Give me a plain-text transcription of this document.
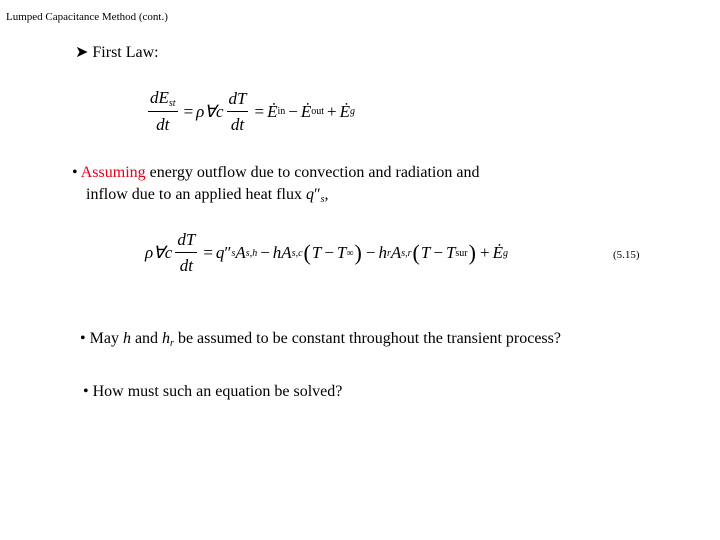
Lumped Capacitance Method (cont.)
➤ First Law:
$\frac{dE_{st}}{dt}$ = ρ∀c $\frac{dT}{dt}$ = Ė in − Ė out + Ė g
• Assuming energy outflow due to convection and radiation and
inflow due to an applied heat flux $q''_s$,
ρ∀c $\frac{dT}{dt} = q$ ″ s A s,h − h A s,c ( T − T ∞ ) − h r A s,r ( T − T sur ) + Ė g	(5.15)
• May h and $h_r$ be assumed to be constant throughout the transient process?
• How must such an equation be solved?
